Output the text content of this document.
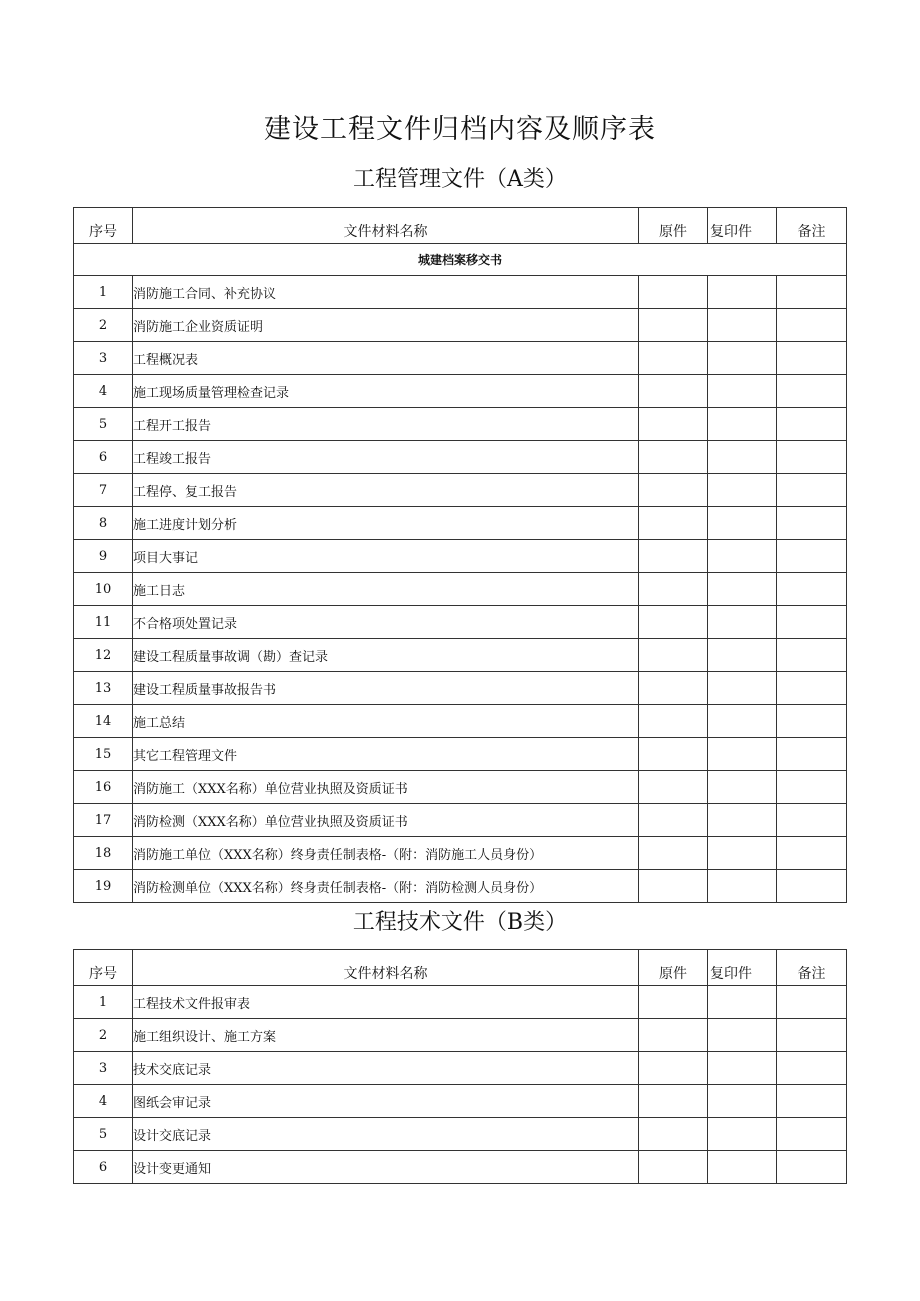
建设工程文件归档内容及顺序表
工程管理文件（A类）
序号	文件材料名称	原件	复印件	备注
城建档案移交书				
1	消防施工合同、补充协议			
2	消防施工企业资质证明			
3	工程概况表			
4	施工现场质量管理检查记录			
5	工程开工报告			
6	工程竣工报告			
7	工程停、复工报告			
8	施工进度计划分析			
9	项目大事记			
10	施工日志			
11	不合格项处置记录			
12	建设工程质量事故调（勘）查记录			
13	建设工程质量事故报告书			
14	施工总结			
15	其它工程管理文件			
16	消防施工（XXX名称）单位营业执照及资质证书			
17	消防检测（XXX名称）单位营业执照及资质证书			
18	消防施工单位（XXX名称）终身责任制表格-（附：消防施工人员身份）			
19	消防检测单位（XXX名称）终身责任制表格-（附：消防检测人员身份）			
工程技术文件（B类）
序号	文件材料名称	原件	复印件	备注
1	工程技术文件报审表			
2	施工组织设计、施工方案			
3	技术交底记录			
4	图纸会审记录			
5	设计交底记录			
6	设计变更通知			
